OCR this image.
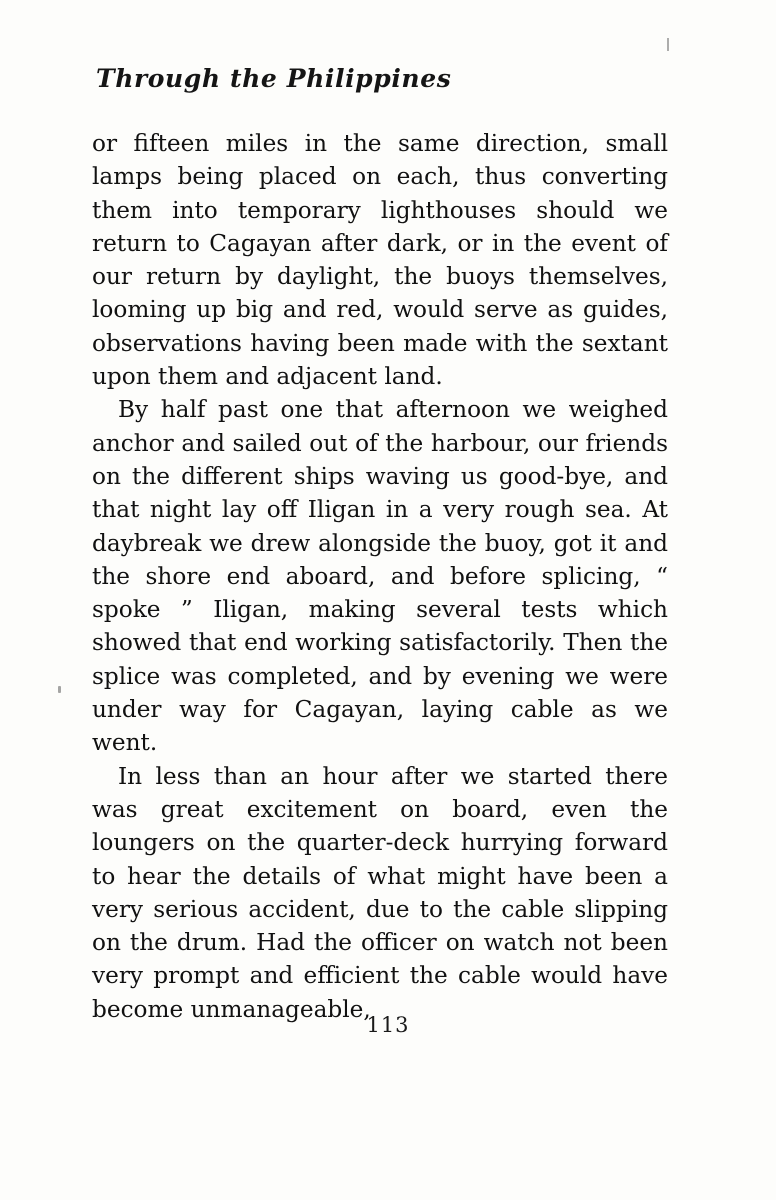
Through the Philippines

or fifteen miles in the same direction, small lamps being placed on each, thus converting them into temporary lighthouses should we return to Cagayan after dark, or in the event of our return by daylight, the buoys themselves, looming up big and red, would serve as guides, observations having been made with the sextant upon them and adjacent land.

By half past one that afternoon we weighed anchor and sailed out of the harbour, our friends on the different ships waving us good-bye, and that night lay off Iligan in a very rough sea. At daybreak we drew alongside the buoy, got it and the shore end aboard, and before splicing, “ spoke ” Iligan, making several tests which showed that end working satisfactorily. Then the splice was completed, and by evening we were under way for Cagayan, laying cable as we went.

In less than an hour after we started there was great excitement on board, even the loungers on the quarter-deck hurrying forward to hear the details of what might have been a very serious accident, due to the cable slipping on the drum. Had the officer on watch not been very prompt and efficient the cable would have become unmanageable,

113
